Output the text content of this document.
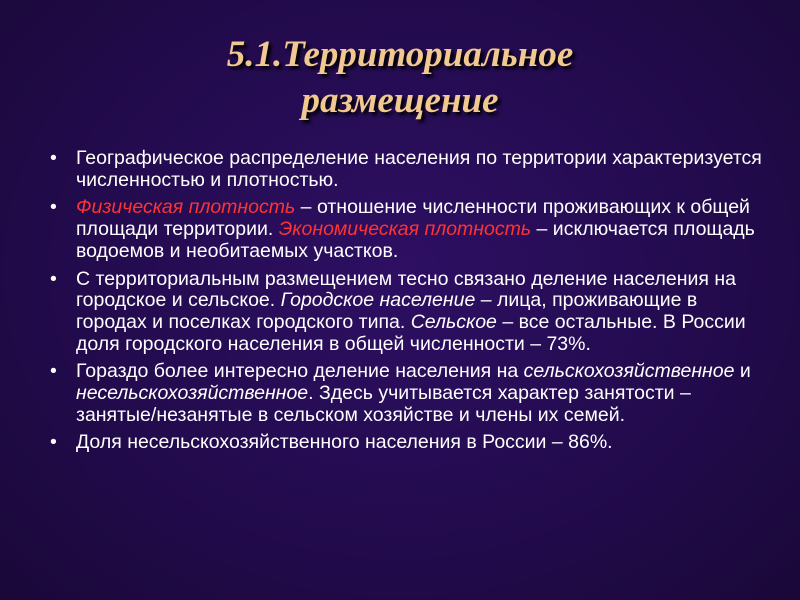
5.1.Территориальное
размещение
• Географическое распределение населения по территории характеризуется численностью и плотностью.
• Физическая плотность – отношение численности проживающих к общей площади территории. Экономическая плотность – исключается площадь водоемов и необитаемых участков.
• С территориальным размещением тесно связано деление населения на городское и сельское. Городское население – лица, проживающие в городах и поселках городского типа. Сельское – все остальные. В России доля городского населения в общей численности – 73%.
• Гораздо более интересно деление населения на сельскохозяйственное и несельскохозяйственное. Здесь учитывается характер занятости – занятые/незанятые в сельском хозяйстве и члены их семей.
• Доля несельскохозяйственного населения в России – 86%.
